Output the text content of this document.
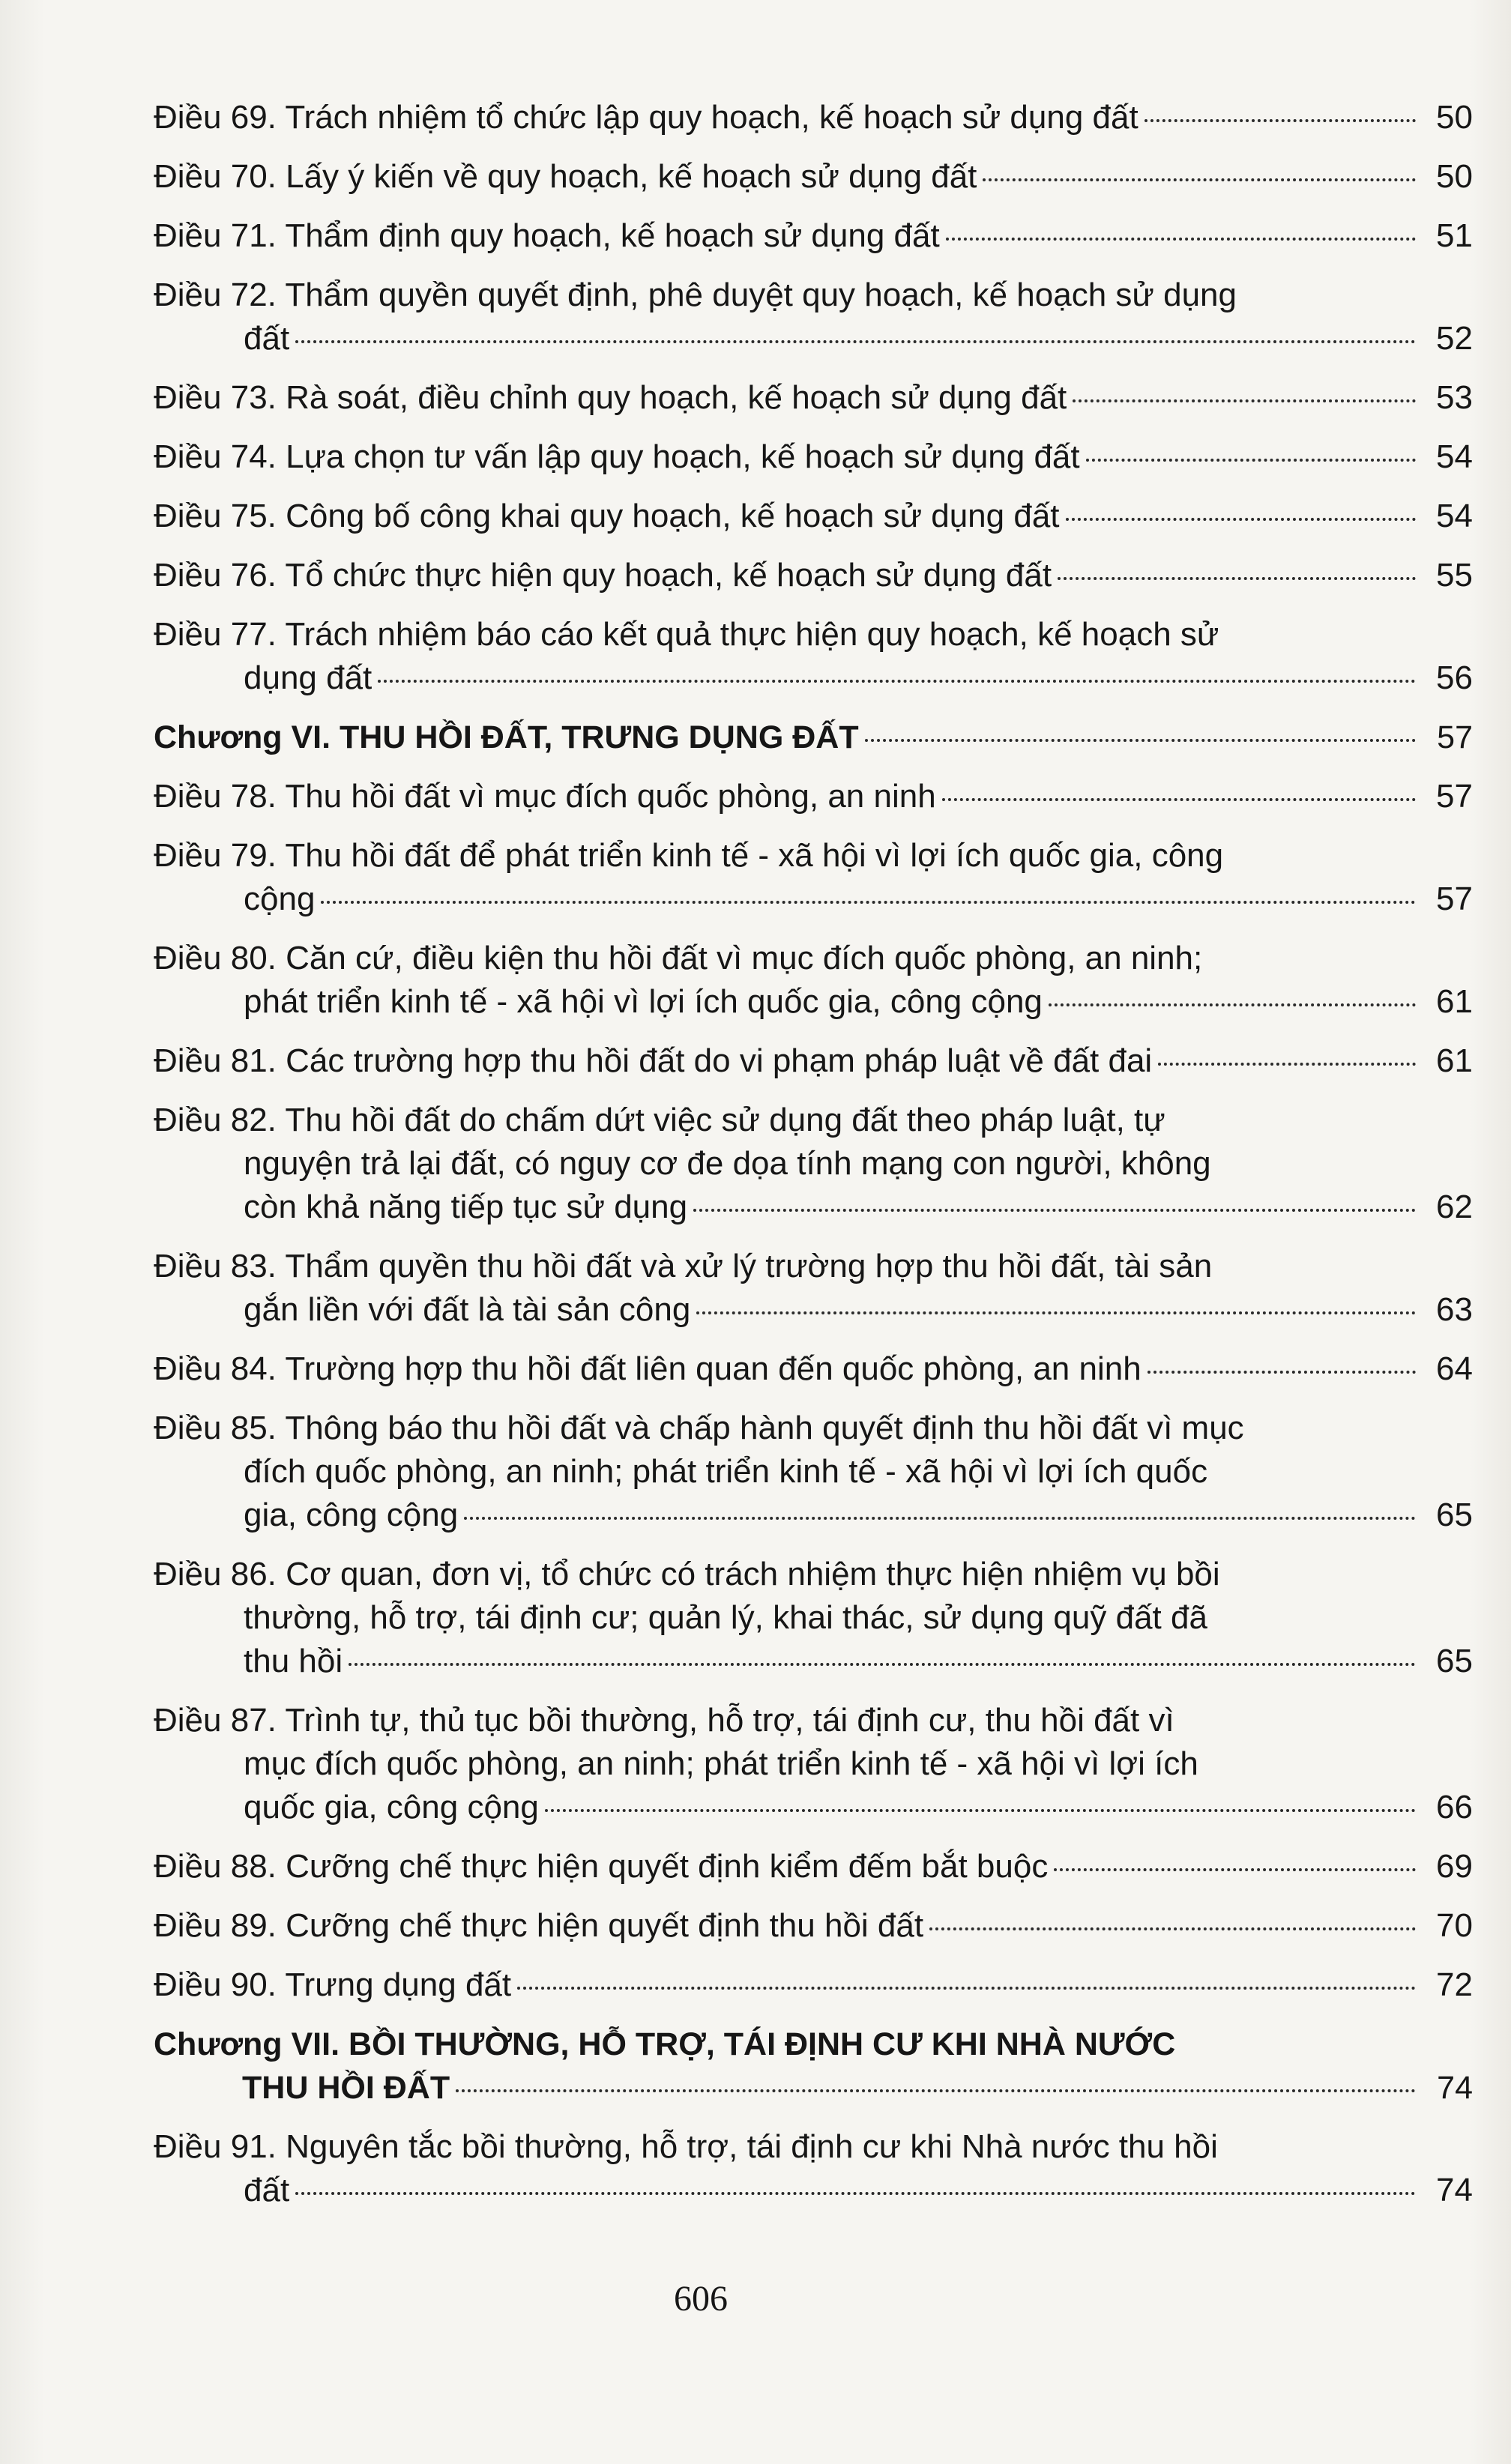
Điều 69. Trách nhiệm tổ chức lập quy hoạch, kế hoạch sử dụng đất	50
Điều 70. Lấy ý kiến về quy hoạch, kế hoạch sử dụng đất	50
Điều 71. Thẩm định quy hoạch, kế hoạch sử dụng đất	51
Điều 72. Thẩm quyền quyết định, phê duyệt quy hoạch, kế hoạch sử dụng
đất	52
Điều 73. Rà soát, điều chỉnh quy hoạch, kế hoạch sử dụng đất	53
Điều 74. Lựa chọn tư vấn lập quy hoạch, kế hoạch sử dụng đất	54
Điều 75. Công bố công khai quy hoạch, kế hoạch sử dụng đất	54
Điều 76. Tổ chức thực hiện quy hoạch, kế hoạch sử dụng đất	55
Điều 77. Trách nhiệm báo cáo kết quả thực hiện quy hoạch, kế hoạch sử
dụng đất	56
Chương VI. THU HỒI ĐẤT, TRƯNG DỤNG ĐẤT	57
Điều 78. Thu hồi đất vì mục đích quốc phòng, an ninh	57
Điều 79. Thu hồi đất để phát triển kinh tế - xã hội vì lợi ích quốc gia, công
cộng	57
Điều 80. Căn cứ, điều kiện thu hồi đất vì mục đích quốc phòng, an ninh;
phát triển kinh tế - xã hội vì lợi ích quốc gia, công cộng	61
Điều 81. Các trường hợp thu hồi đất do vi phạm pháp luật về đất đai	61
Điều 82. Thu hồi đất do chấm dứt việc sử dụng đất theo pháp luật, tự
nguyện trả lại đất, có nguy cơ đe dọa tính mạng con người, không
còn khả năng tiếp tục sử dụng	62
Điều 83. Thẩm quyền thu hồi đất và xử lý trường hợp thu hồi đất, tài sản
gắn liền với đất là tài sản công	63
Điều 84. Trường hợp thu hồi đất liên quan đến quốc phòng, an ninh	64
Điều 85. Thông báo thu hồi đất và chấp hành quyết định thu hồi đất vì mục
đích quốc phòng, an ninh; phát triển kinh tế - xã hội vì lợi ích quốc
gia, công cộng	65
Điều 86. Cơ quan, đơn vị, tổ chức có trách nhiệm thực hiện nhiệm vụ bồi
thường, hỗ trợ, tái định cư; quản lý, khai thác, sử dụng quỹ đất đã
thu hồi	65
Điều 87. Trình tự, thủ tục bồi thường, hỗ trợ, tái định cư, thu hồi đất vì
mục đích quốc phòng, an ninh; phát triển kinh tế - xã hội vì lợi ích
quốc gia, công cộng	66
Điều 88. Cưỡng chế thực hiện quyết định kiểm đếm bắt buộc	69
Điều 89. Cưỡng chế thực hiện quyết định thu hồi đất	70
Điều 90. Trưng dụng đất	72
Chương VII. BỒI THƯỜNG, HỖ TRỢ, TÁI ĐỊNH CƯ KHI NHÀ NƯỚC
THU HỒI ĐẤT	74
Điều 91. Nguyên tắc bồi thường, hỗ trợ, tái định cư khi Nhà nước thu hồi
đất	74
606
